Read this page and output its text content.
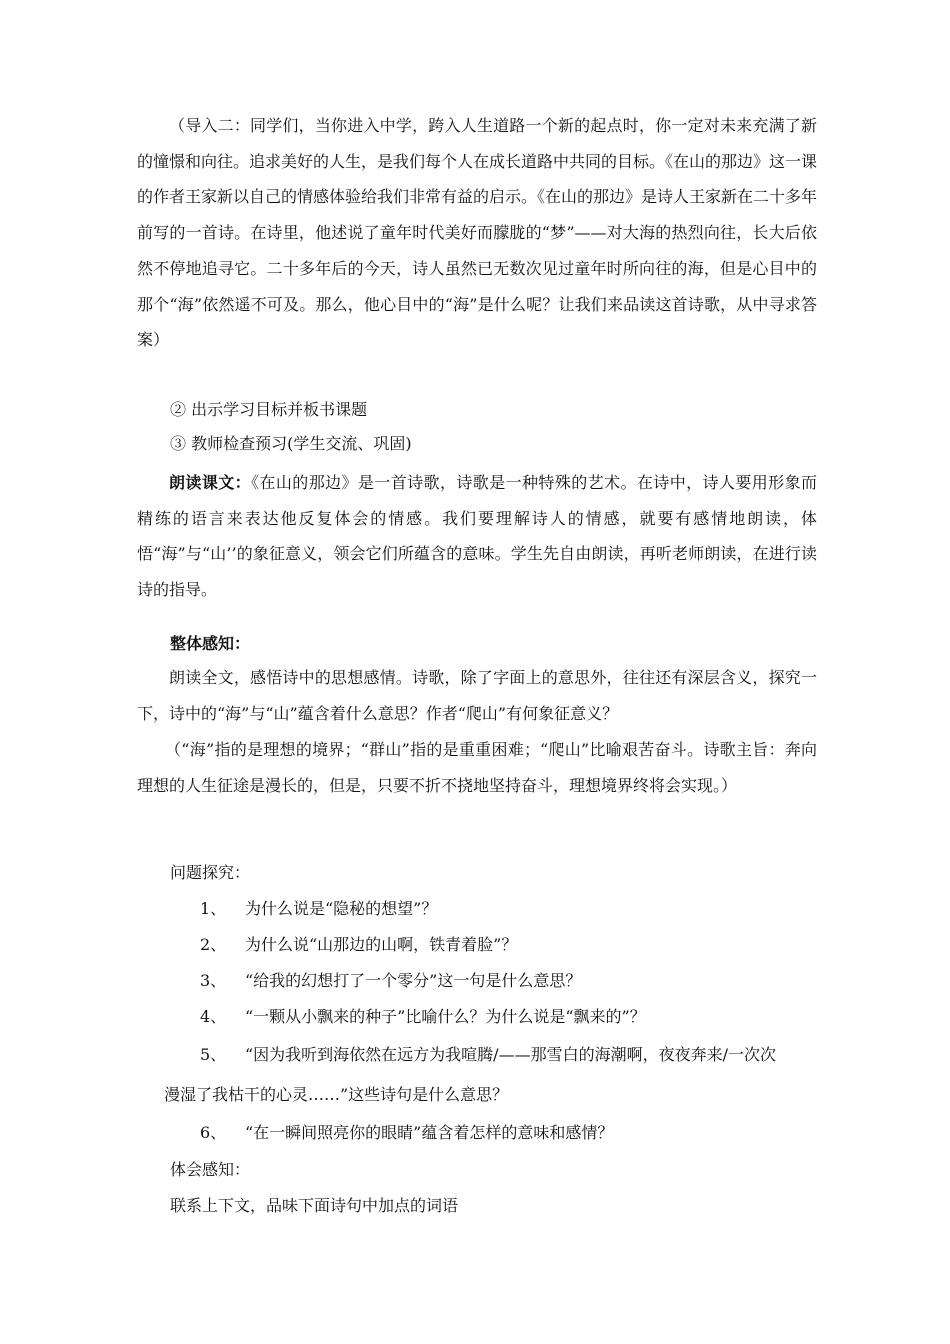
（导入二：同学们，当你进入中学，跨入人生道路一个新的起点时，你一定对未来充满了新的憧憬和向往。追求美好的人生，是我们每个人在成长道路中共同的目标。《在山的那边》这一课的作者王家新以自己的情感体验给我们非常有益的启示。《在山的那边》是诗人王家新在二十多年前写的一首诗。在诗里，他述说了童年时代美好而朦胧的“梦”——对大海的热烈向往，长大后依然不停地追寻它。二十多年后的今天，诗人虽然已无数次见过童年时所向往的海，但是心目中的那个“海”依然遥不可及。那么，他心目中的“海”是什么呢？让我们来品读这首诗歌，从中寻求答案）

② 出示学习目标并板书课题

③ 教师检查预习(学生交流、巩固)

朗读课文：《在山的那边》是一首诗歌，诗歌是一种特殊的艺术。在诗中，诗人要用形象而精练的语言来表达他反复体会的情感。我们要理解诗人的情感，就要有感情地朗读，体悟“海”与“山’’的象征意义，领会它们所蕴含的意味。学生先自由朗读，再听老师朗读，在进行读诗的指导。

整体感知：

朗读全文，感悟诗中的思想感情。诗歌，除了字面上的意思外，往往还有深层含义，探究一下，诗中的“海”与“山”蕴含着什么意思？作者“爬山”有何象征意义？

（“海”指的是理想的境界；“群山”指的是重重困难；“爬山”比喻艰苦奋斗。诗歌主旨：奔向理想的人生征途是漫长的，但是，只要不折不挠地坚持奋斗，理想境界终将会实现。）

问题探究：

1、 为什么说是“隐秘的想望”？

2、 为什么说“山那边的山啊，铁青着脸”？

3、 “给我的幻想打了一个零分”这一句是什么意思？

4、 “一颗从小飘来的种子”比喻什么？为什么说是“飘来的”？

5、 “因为我听到海依然在远方为我喧腾/——那雪白的海潮啊，夜夜奔来/一次次

漫湿了我枯干的心灵……”这些诗句是什么意思？

6、 “在一瞬间照亮你的眼睛”蕴含着怎样的意味和感情？

体会感知：

联系上下文，品味下面诗句中加点的词语
